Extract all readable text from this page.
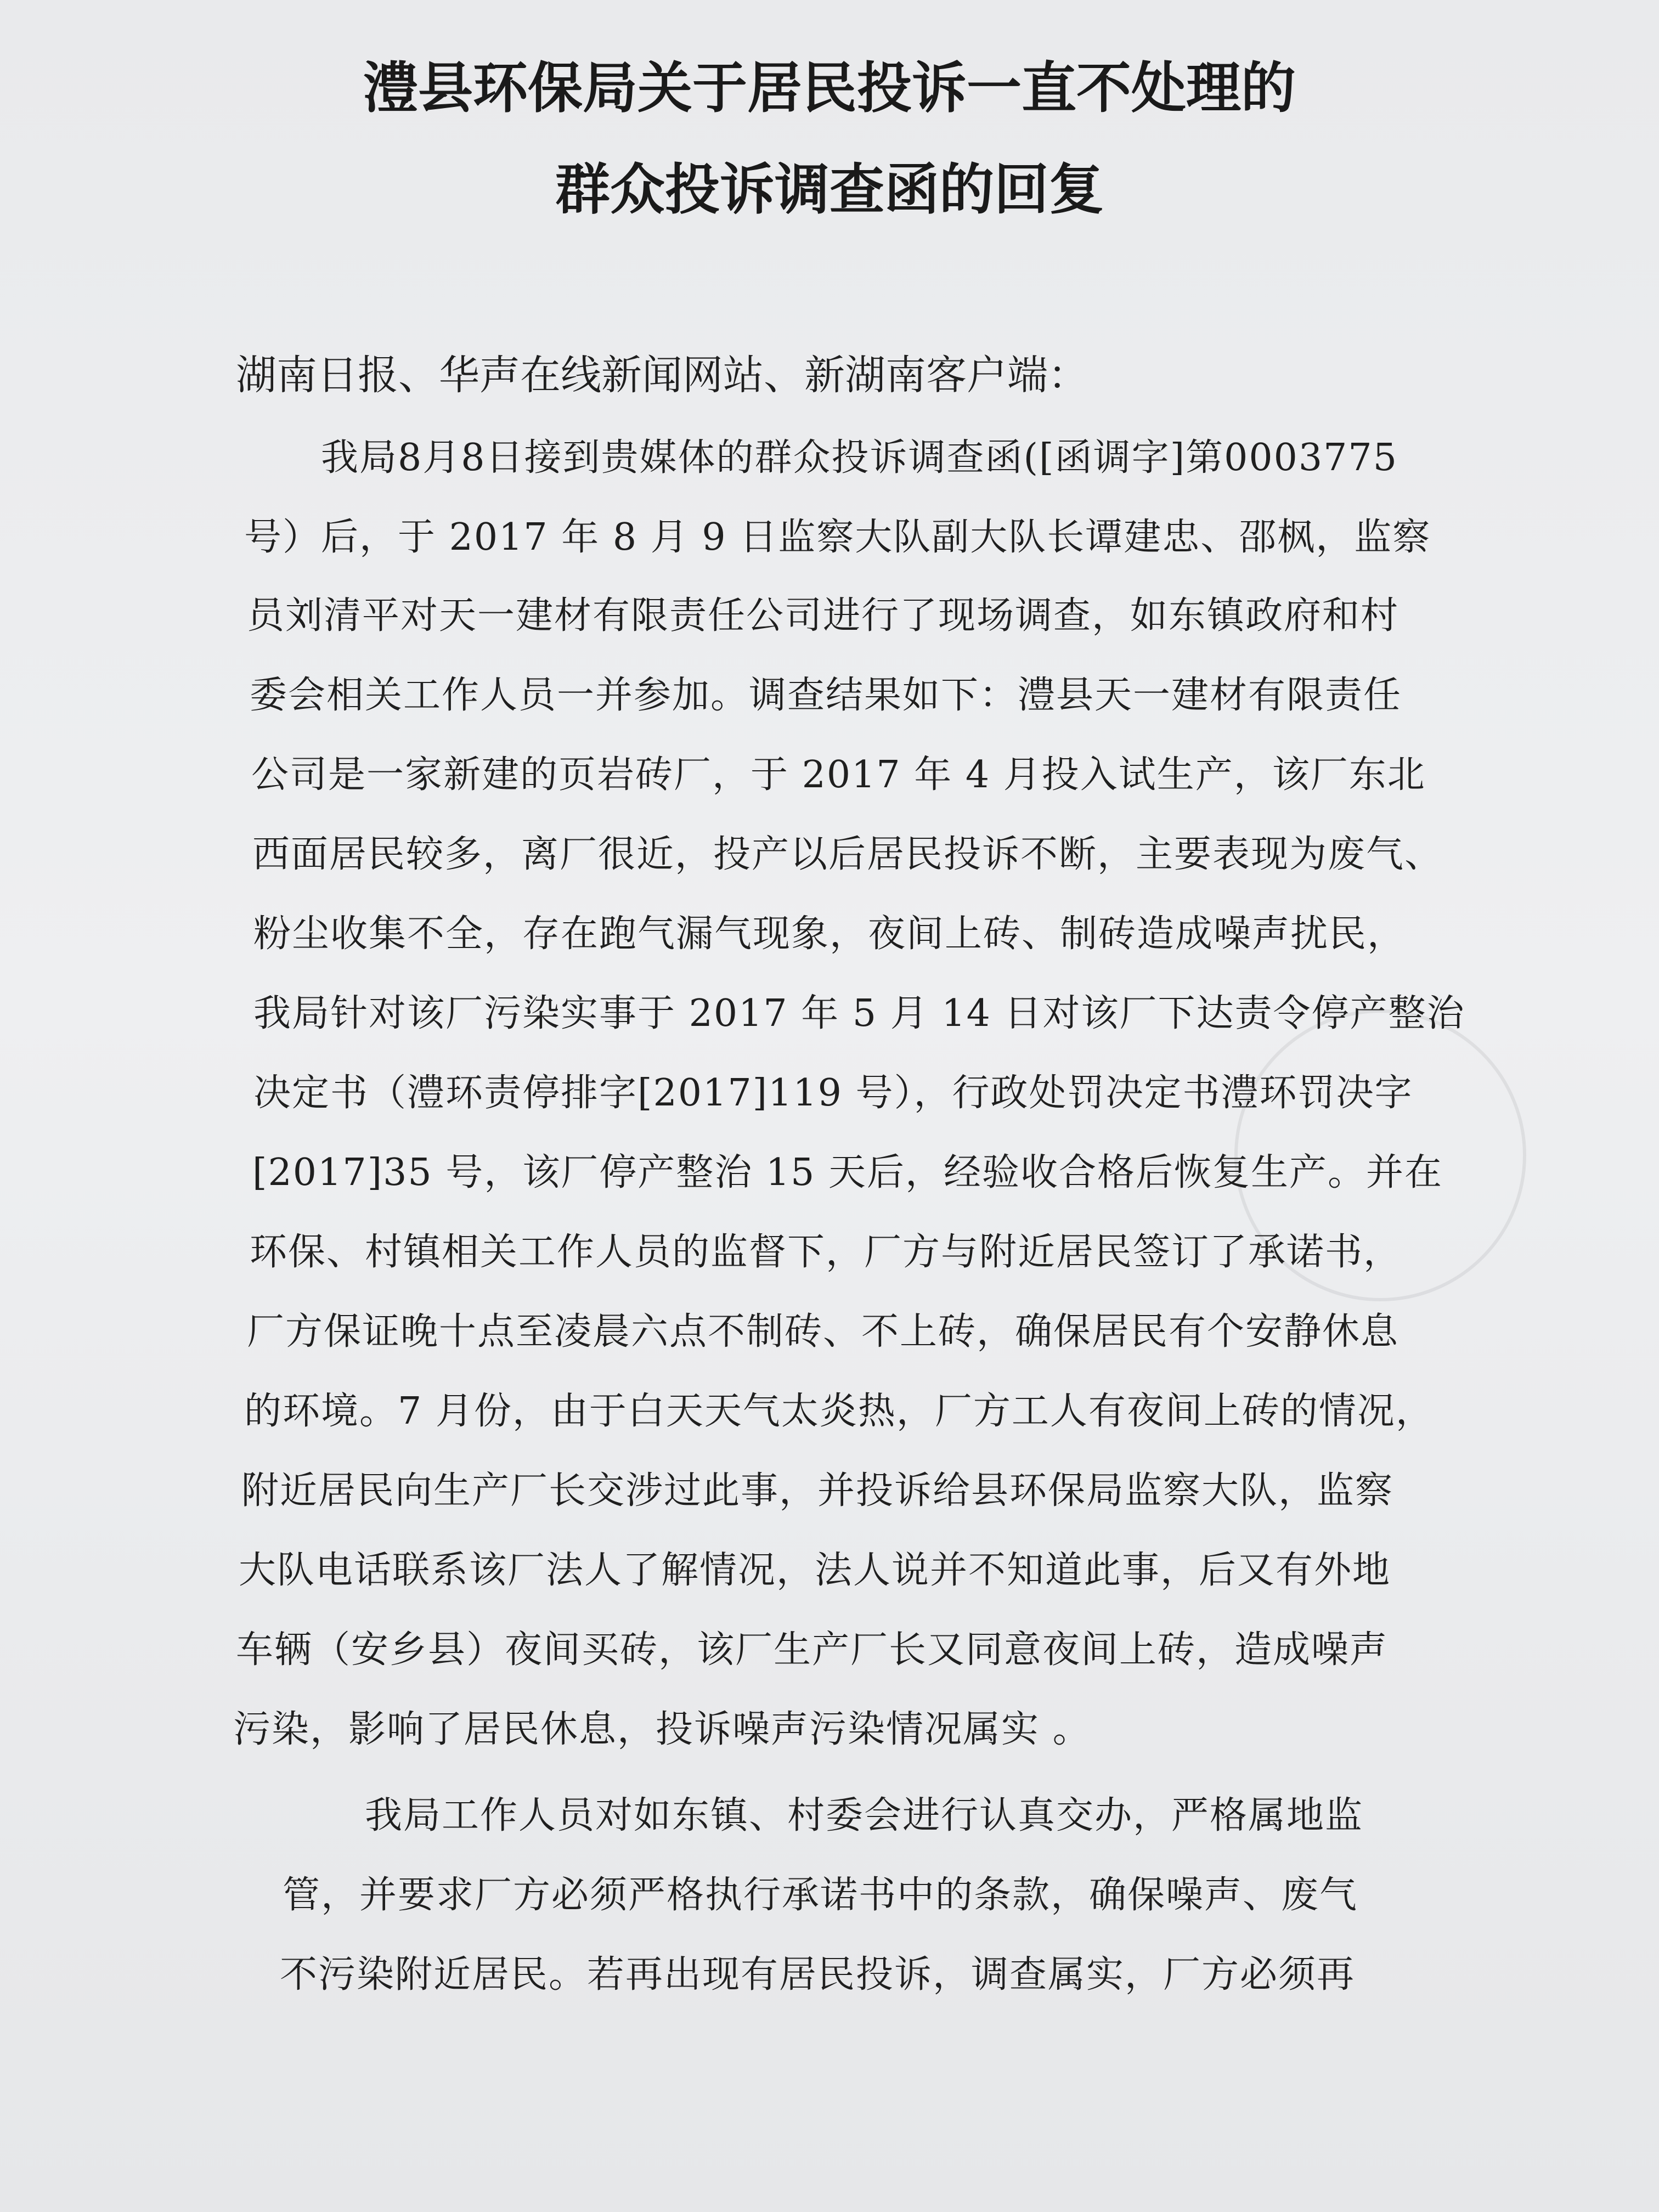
澧县环保局关于居民投诉一直不处理的
群众投诉调查函的回复
湖南日报、华声在线新闻网站、新湖南客户端：
我局8月8日接到贵媒体的群众投诉调查函([函调字]第0003775
号）后，于 2017 年 8 月 9 日监察大队副大队长谭建忠、邵枫，监察
员刘清平对天一建材有限责任公司进行了现场调查，如东镇政府和村
委会相关工作人员一并参加。调查结果如下：澧县天一建材有限责任
公司是一家新建的页岩砖厂，于 2017 年 4 月投入试生产，该厂东北
西面居民较多，离厂很近，投产以后居民投诉不断，主要表现为废气、
粉尘收集不全，存在跑气漏气现象，夜间上砖、制砖造成噪声扰民，
我局针对该厂污染实事于 2017 年 5 月 14 日对该厂下达责令停产整治
决定书（澧环责停排字[2017]119 号），行政处罚决定书澧环罚决字
[2017]35 号，该厂停产整治 15 天后，经验收合格后恢复生产。并在
环保、村镇相关工作人员的监督下，厂方与附近居民签订了承诺书，
厂方保证晚十点至凌晨六点不制砖、不上砖，确保居民有个安静休息
的环境。7 月份，由于白天天气太炎热，厂方工人有夜间上砖的情况，
附近居民向生产厂长交涉过此事，并投诉给县环保局监察大队，监察
大队电话联系该厂法人了解情况，法人说并不知道此事，后又有外地
车辆（安乡县）夜间买砖，该厂生产厂长又同意夜间上砖，造成噪声
污染，影响了居民休息，投诉噪声污染情况属实 。
我局工作人员对如东镇、村委会进行认真交办，严格属地监
管，并要求厂方必须严格执行承诺书中的条款，确保噪声、废气
不污染附近居民。若再出现有居民投诉，调查属实，厂方必须再
